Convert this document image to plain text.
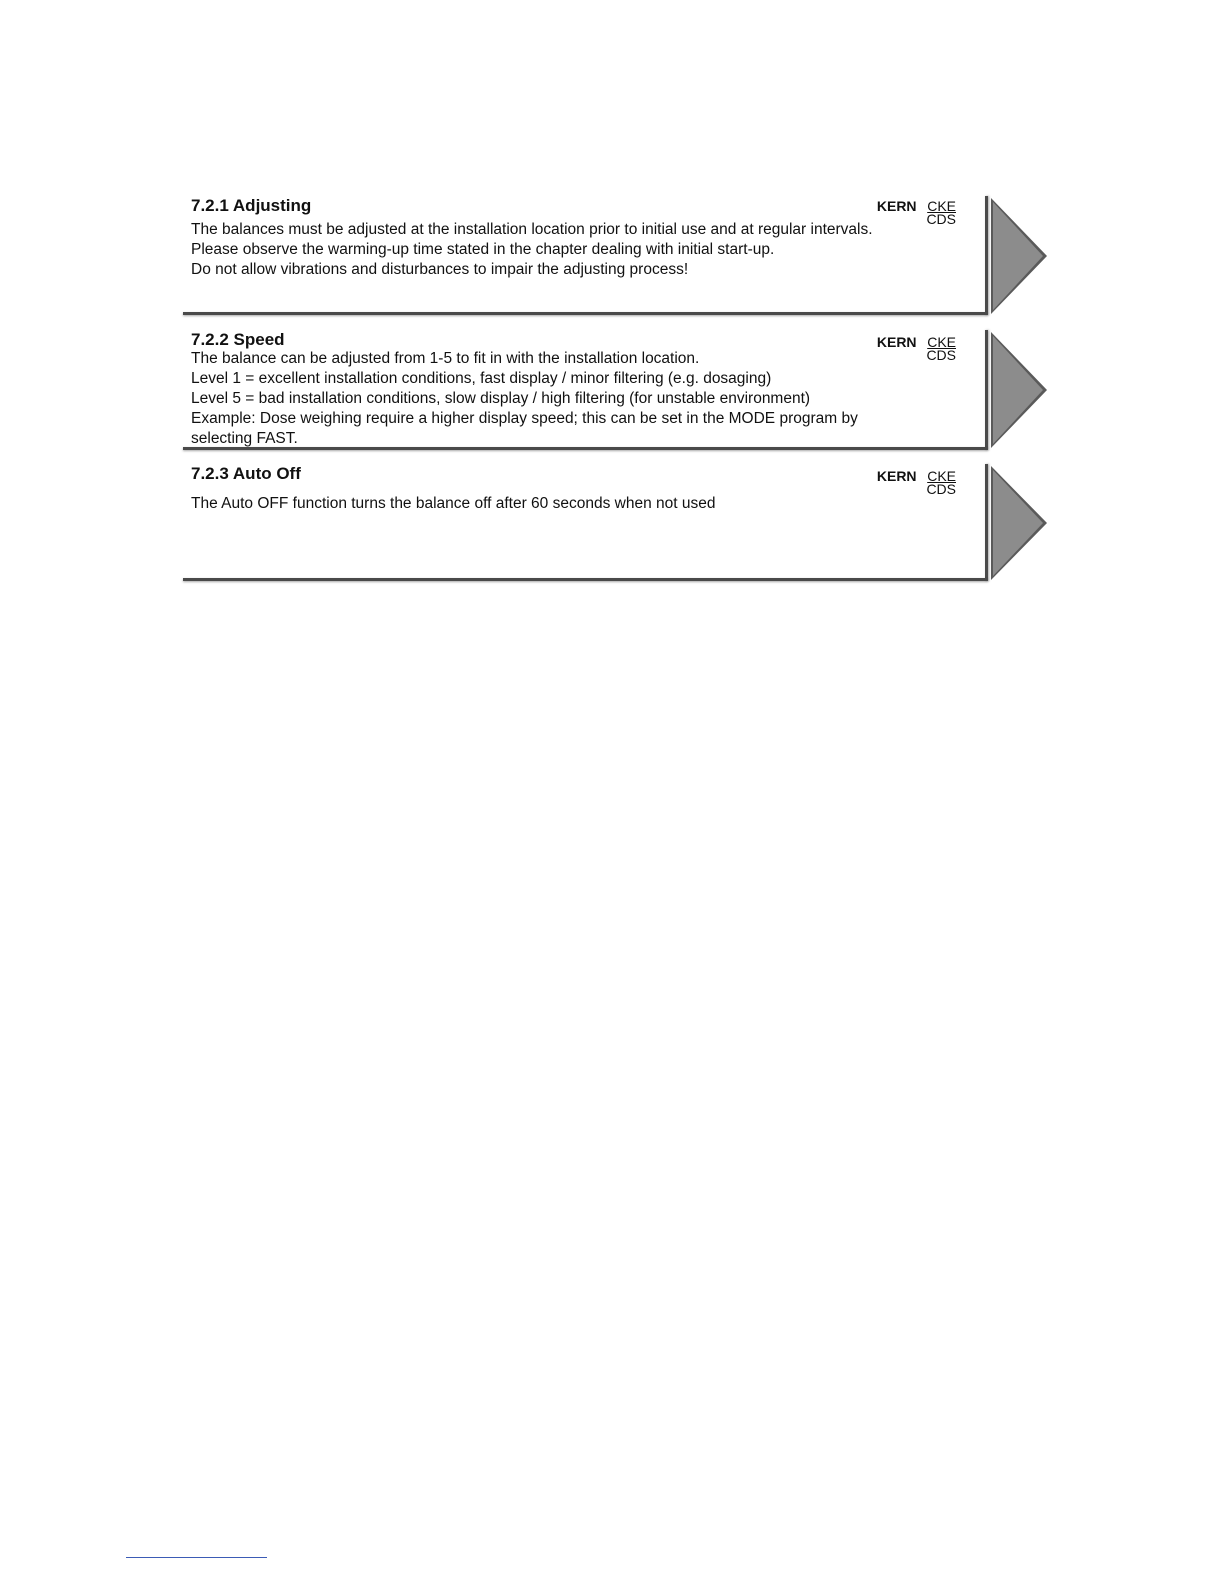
7.2.1 Adjusting	KERN CKE
CDS

The balances must be adjusted at the installation location prior to initial use and at regular intervals.

Please observe the warming-up time stated in the chapter dealing with initial start-up.

Do not allow vibrations and disturbances to impair the adjusting process!

7.2.2 Speed	KERN CKE
CDS

The balance can be adjusted from 1-5 to fit in with the installation location.

Level 1 = excellent installation conditions, fast display / minor filtering (e.g. dosaging)

Level 5 = bad installation conditions, slow display / high filtering (for unstable environment)

Example: Dose weighing require a higher display speed; this can be set in the MODE program by selecting FAST.

7.2.3 Auto Off	KERN CKE
CDS

The Auto OFF function turns the balance off after 60 seconds when not used
